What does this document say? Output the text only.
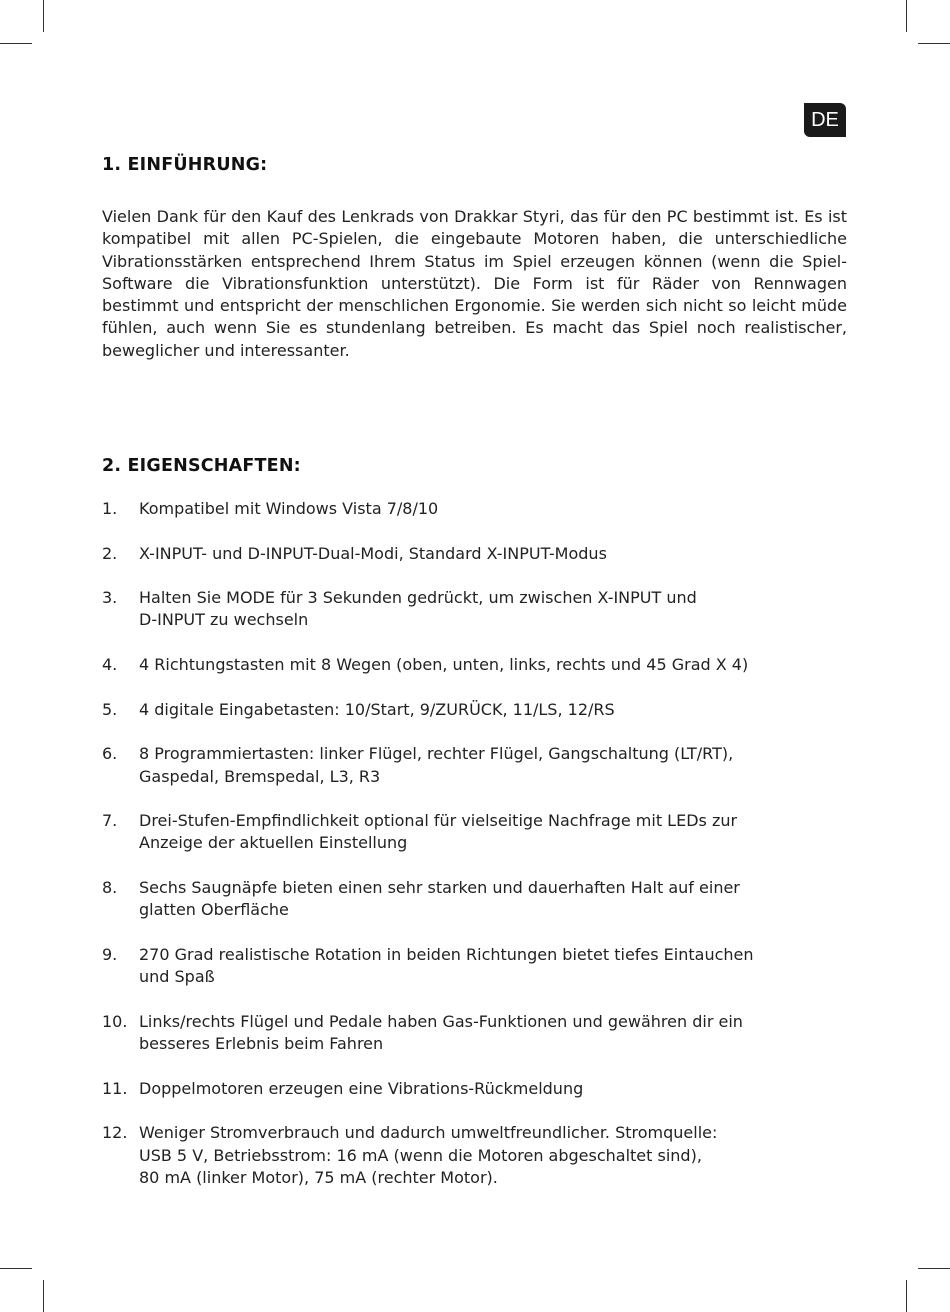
DE
1. EINFÜHRUNG:

Vielen Dank für den Kauf des Lenkrads von Drakkar Styri, das für den PC bestimmt ist. Es ist kompatibel mit allen PC-Spielen, die eingebaute Motoren haben, die unterschiedliche Vibrationsstärken entsprechend Ihrem Status im Spiel erzeugen können (wenn die Spiel-Software die Vibrationsfunktion unterstützt). Die Form ist für Räder von Rennwagen bestimmt und entspricht der menschlichen Ergonomie. Sie werden sich nicht so leicht müde fühlen, auch wenn Sie es stundenlang betreiben. Es macht das Spiel noch realistischer, beweglicher und interessanter.

2. EIGENSCHAFTEN:
1.	Kompatibel mit Windows Vista 7/8/10
2.	X-INPUT- und D-INPUT-Dual-Modi, Standard X-INPUT-Modus
3.	Halten Sie MODE für 3 Sekunden gedrückt, um zwischen X-INPUT und
D-INPUT zu wechseln
4.	4 Richtungstasten mit 8 Wegen (oben, unten, links, rechts und 45 Grad X 4)
5.	4 digitale Eingabetasten: 10/Start, 9/ZURÜCK, 11/LS, 12/RS
6.	8 Programmiertasten: linker Flügel, rechter Flügel, Gangschaltung (LT/RT),
Gaspedal, Bremspedal, L3, R3
7.	Drei-Stufen-Empfindlichkeit optional für vielseitige Nachfrage mit LEDs zur
Anzeige der aktuellen Einstellung
8.	Sechs Saugnäpfe bieten einen sehr starken und dauerhaften Halt auf einer
glatten Oberfläche
9.	270 Grad realistische Rotation in beiden Richtungen bietet tiefes Eintauchen
und Spaß
10. Links/rechts Flügel und Pedale haben Gas-Funktionen und gewähren dir ein
besseres Erlebnis beim Fahren
11. Doppelmotoren erzeugen eine Vibrations-Rückmeldung
12. Weniger Stromverbrauch und dadurch umweltfreundlicher. Stromquelle:
USB 5 V, Betriebsstrom: 16 mA (wenn die Motoren abgeschaltet sind),
80 mA (linker Motor), 75 mA (rechter Motor).
